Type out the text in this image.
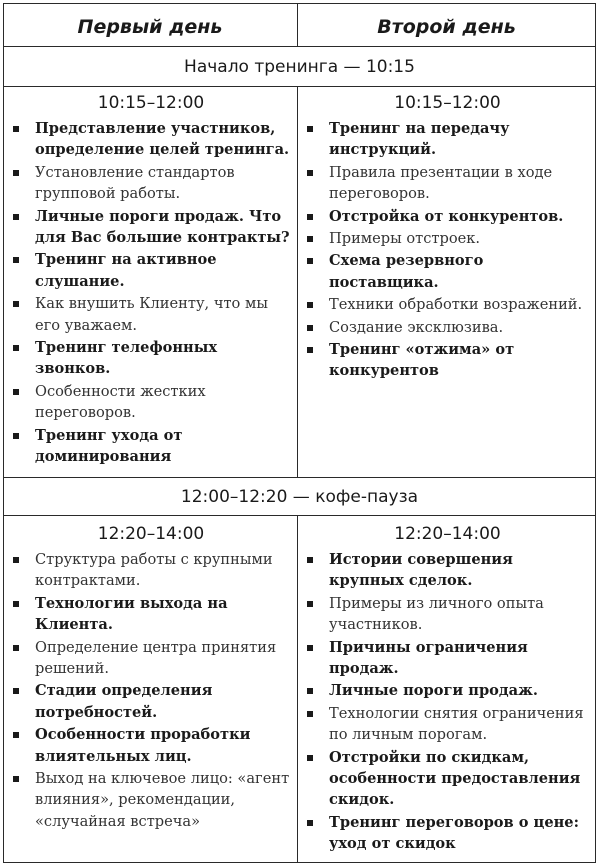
Первый день	Второй день
Начало тренинга — 10:15
10:15–12:00
Представление участников, определение целей тренинга.
Установление стандартов групповой работы.
Личные пороги продаж. Что для Вас большие контракты?
Тренинг на активное слушание.
Как внушить Клиенту, что мы его уважаем.
Тренинг телефонных звонков.
Особенности жестких переговоров.
Тренинг ухода от доминирования
10:15–12:00
Тренинг на передачу инструкций.
Правила презентации в ходе переговоров.
Отстройка от конкурентов.
Примеры отстроек.
Схема резервного поставщика.
Техники обработки возражений.
Создание эксклюзива.
Тренинг «отжима» от конкурентов
12:00–12:20 — кофе-пауза
12:20–14:00
Структура работы с крупными контрактами.
Технологии выхода на Клиента.
Определение центра принятия решений.
Стадии определения потребностей.
Особенности проработки влиятельных лиц.
Выход на ключевое лицо: «агент влияния», рекомендации, «случайная встреча»
12:20–14:00
Истории совершения крупных сделок.
Примеры из личного опыта участников.
Причины ограничения продаж.
Личные пороги продаж.
Технологии снятия ограничения по личным порогам.
Отстройки по скидкам, особенности предоставления скидок.
Тренинг переговоров о цене: уход от скидок
